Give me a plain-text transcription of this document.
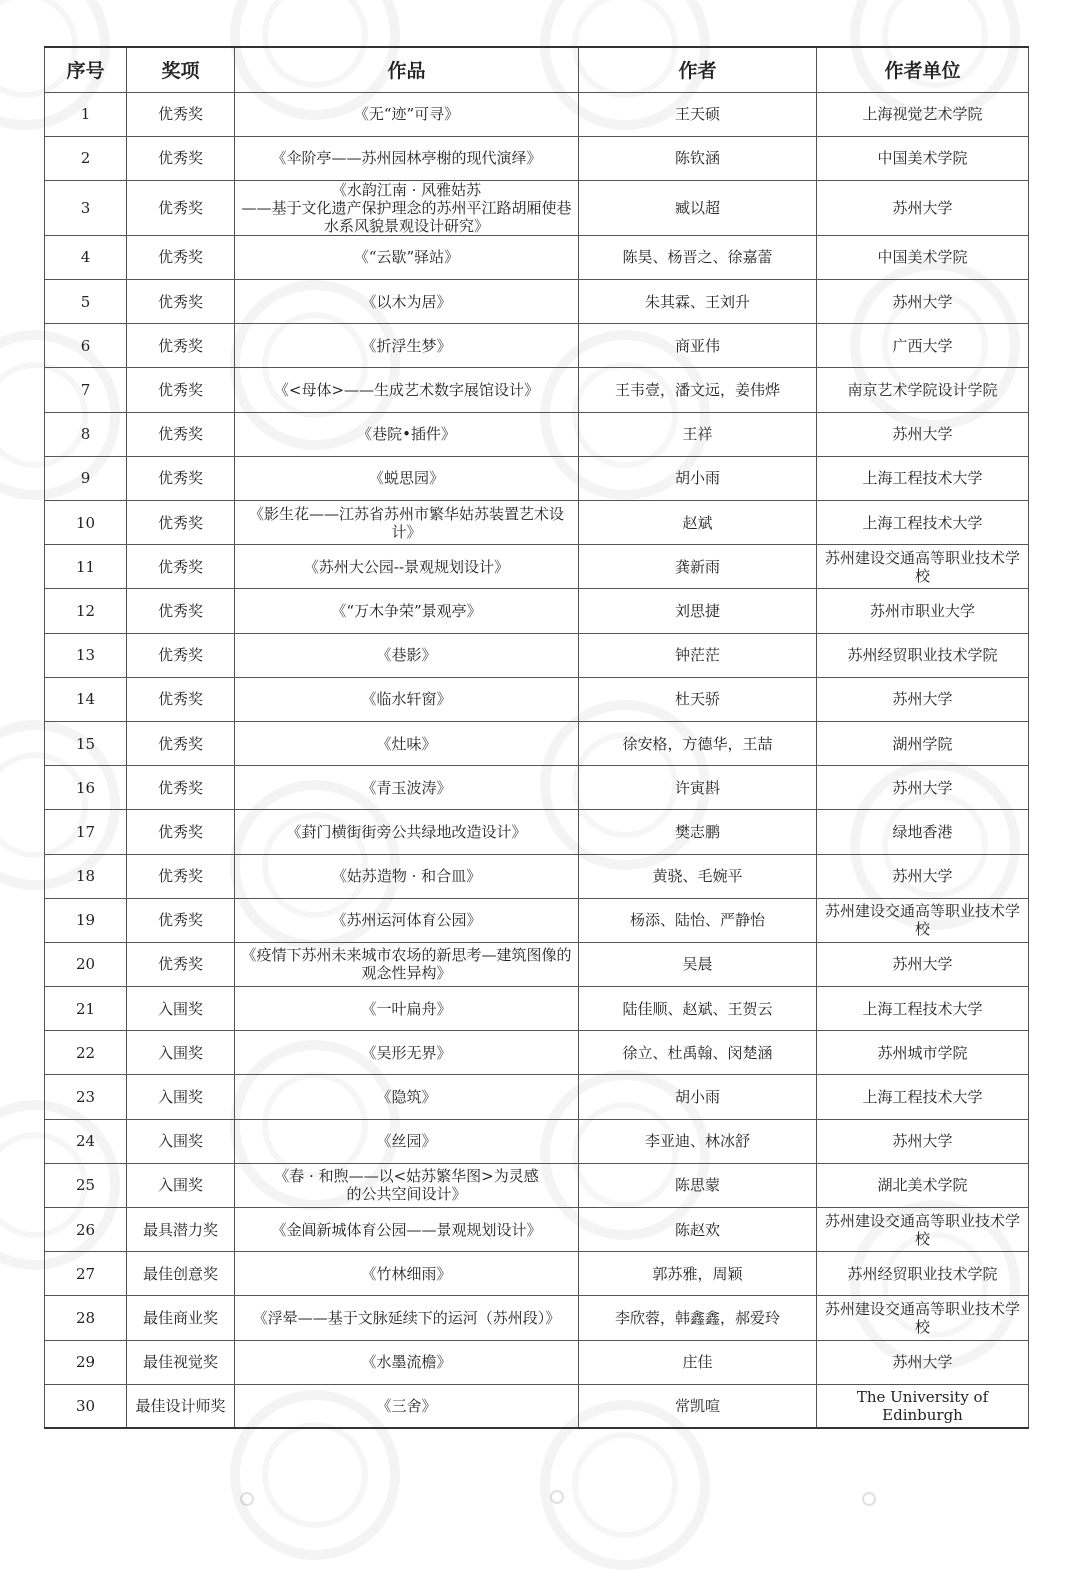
序号	奖项	作品	作者	作者单位
1	优秀奖	《无“迹”可寻》	王天硕	上海视觉艺术学院
2	优秀奖	《伞阶亭——苏州园林亭榭的现代演绎》	陈钦涵	中国美术学院
3	优秀奖	《水韵江南 · 风雅姑苏
——基于文化遗产保护理念的苏州平江路胡厢使巷水系风貌景观设计研究》	臧以超	苏州大学
4	优秀奖	《“云歇”驿站》	陈昊、杨晋之、徐嘉蕾	中国美术学院
5	优秀奖	《以木为居》	朱其霖、王刘升	苏州大学
6	优秀奖	《折浮生梦》	商亚伟	广西大学
7	优秀奖	《<母体>——生成艺术数字展馆设计》	王韦壹，潘文远，姜伟烨	南京艺术学院设计学院
8	优秀奖	《巷院•插件》	王祥	苏州大学
9	优秀奖	《蜕思园》	胡小雨	上海工程技术大学
10	优秀奖	《影生花——江苏省苏州市繁华姑苏装置艺术设计》	赵斌	上海工程技术大学
11	优秀奖	《苏州大公园--景观规划设计》	龚新雨	苏州建设交通高等职业技术学校
12	优秀奖	《“万木争荣”景观亭》	刘思捷	苏州市职业大学
13	优秀奖	《巷影》	钟茫茫	苏州经贸职业技术学院
14	优秀奖	《临水轩窗》	杜天骄	苏州大学
15	优秀奖	《灶味》	徐安格，方德华，王喆	湖州学院
16	优秀奖	《青玉波涛》	许寅斟	苏州大学
17	优秀奖	《葑门横街街旁公共绿地改造设计》	樊志鹏	绿地香港
18	优秀奖	《姑苏造物 · 和合皿》	黄骁、毛婉平	苏州大学
19	优秀奖	《苏州运河体育公园》	杨添、陆怡、严静怡	苏州建设交通高等职业技术学校
20	优秀奖	《疫情下苏州未来城市农场的新思考—建筑图像的观念性异构》	吴晨	苏州大学
21	入围奖	《一叶扁舟》	陆佳顺、赵斌、王贺云	上海工程技术大学
22	入围奖	《吴形无界》	徐立、杜禹翰、闵楚涵	苏州城市学院
23	入围奖	《隐筑》	胡小雨	上海工程技术大学
24	入围奖	《丝园》	李亚迪、林冰舒	苏州大学
25	入围奖	《春 · 和煦——以<姑苏繁华图>为灵感
的公共空间设计》	陈思蒙	湖北美术学院
26	最具潜力奖	《金阊新城体育公园——景观规划设计》	陈赵欢	苏州建设交通高等职业技术学校
27	最佳创意奖	《竹林细雨》	郭苏雅，周颖	苏州经贸职业技术学院
28	最佳商业奖	《浮晕——基于文脉延续下的运河（苏州段）》	李欣蓉，韩鑫鑫，郝爱玲	苏州建设交通高等职业技术学校
29	最佳视觉奖	《水墨流檐》	庄佳	苏州大学
30	最佳设计师奖	《三舍》	常凯喧	The University of Edinburgh
